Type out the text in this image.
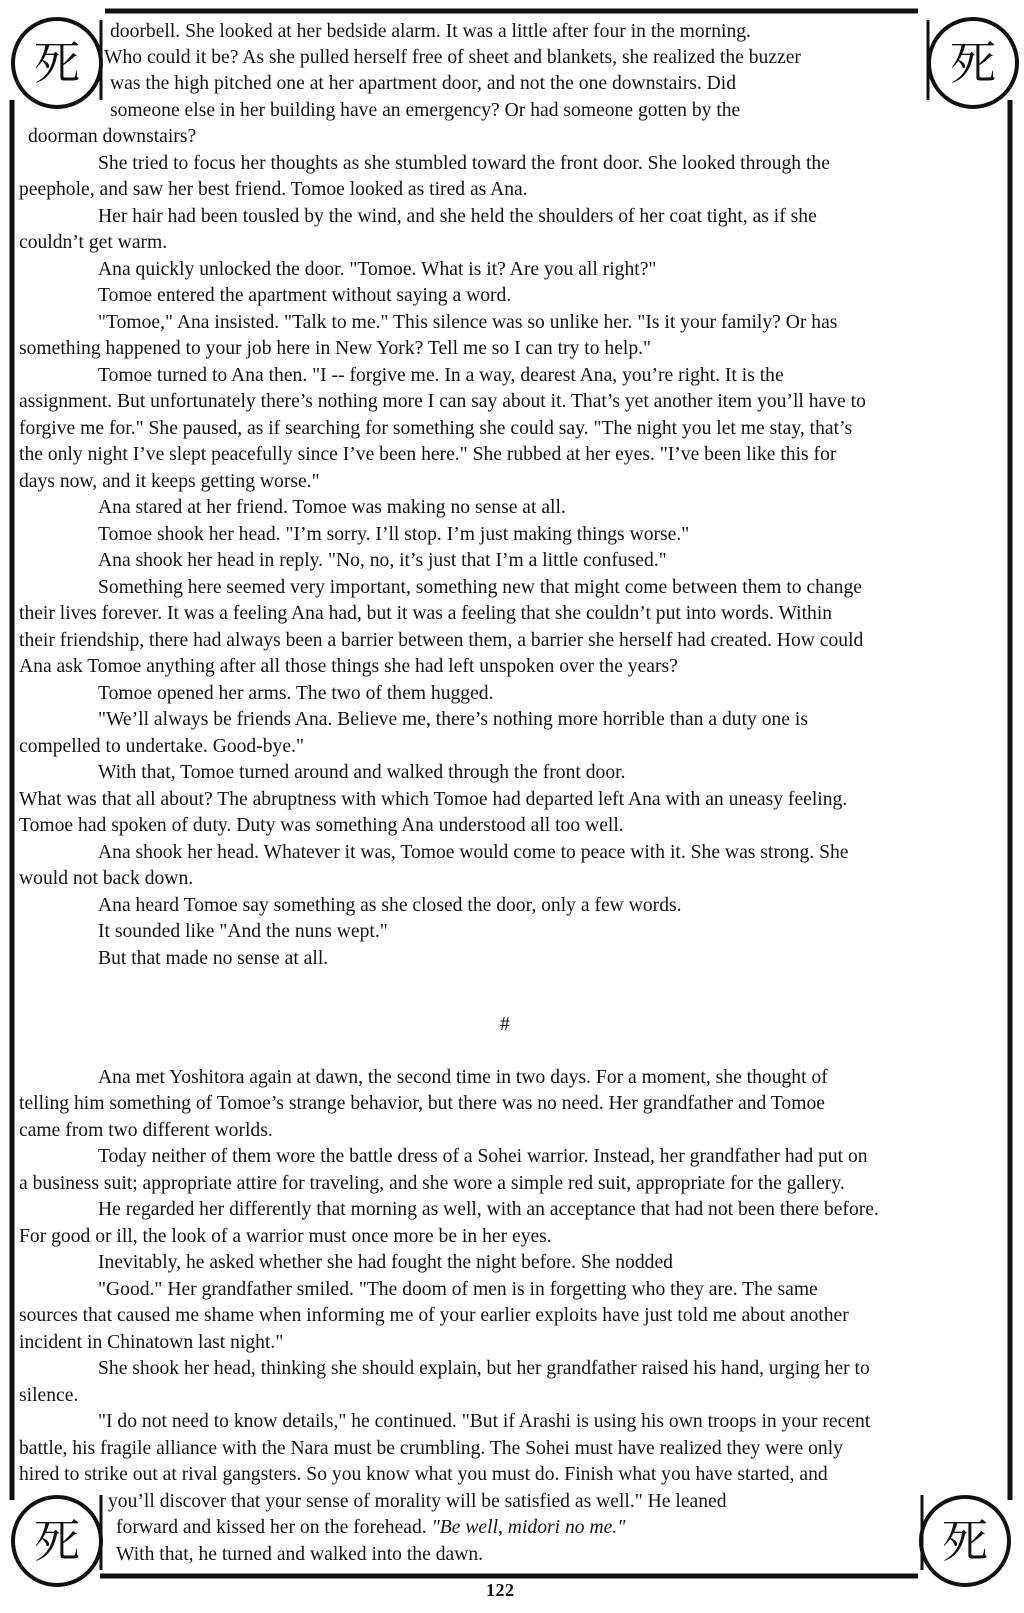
死	死
死	死

doorbell. She looked at her bedside alarm. It was a little after four in the morning.

Who could it be? As she pulled herself free of sheet and blankets, she realized the buzzer

was the high pitched one at her apartment door, and not the one downstairs. Did

someone else in her building have an emergency? Or had someone gotten by the

doorman downstairs?

She tried to focus her thoughts as she stumbled toward the front door. She looked through the

peephole, and saw her best friend. Tomoe looked as tired as Ana.

Her hair had been tousled by the wind, and she held the shoulders of her coat tight, as if she

couldn’t get warm.

Ana quickly unlocked the door. "Tomoe. What is it? Are you all right?"

Tomoe entered the apartment without saying a word.

"Tomoe," Ana insisted. "Talk to me." This silence was so unlike her. "Is it your family? Or has

something happened to your job here in New York? Tell me so I can try to help."

Tomoe turned to Ana then. "I -- forgive me. In a way, dearest Ana, you’re right. It is the

assignment. But unfortunately there’s nothing more I can say about it. That’s yet another item you’ll have to

forgive me for." She paused, as if searching for something she could say. "The night you let me stay, that’s

the only night I’ve slept peacefully since I’ve been here." She rubbed at her eyes. "I’ve been like this for

days now, and it keeps getting worse."

Ana stared at her friend. Tomoe was making no sense at all.

Tomoe shook her head. "I’m sorry. I’ll stop. I’m just making things worse."

Ana shook her head in reply. "No, no, it’s just that I’m a little confused."

Something here seemed very important, something new that might come between them to change

their lives forever. It was a feeling Ana had, but it was a feeling that she couldn’t put into words. Within

their friendship, there had always been a barrier between them, a barrier she herself had created. How could

Ana ask Tomoe anything after all those things she had left unspoken over the years?

Tomoe opened her arms. The two of them hugged.

"We’ll always be friends Ana. Believe me, there’s nothing more horrible than a duty one is

compelled to undertake. Good-bye."

With that, Tomoe turned around and walked through the front door.

What was that all about? The abruptness with which Tomoe had departed left Ana with an uneasy feeling.

Tomoe had spoken of duty. Duty was something Ana understood all too well.

Ana shook her head. Whatever it was, Tomoe would come to peace with it. She was strong. She

would not back down.

Ana heard Tomoe say something as she closed the door, only a few words.

It sounded like "And the nuns wept."

But that made no sense at all.

#

Ana met Yoshitora again at dawn, the second time in two days. For a moment, she thought of

telling him something of Tomoe’s strange behavior, but there was no need. Her grandfather and Tomoe

came from two different worlds.

Today neither of them wore the battle dress of a Sohei warrior. Instead, her grandfather had put on

a business suit; appropriate attire for traveling, and she wore a simple red suit, appropriate for the gallery.

He regarded her differently that morning as well, with an acceptance that had not been there before.

For good or ill, the look of a warrior must once more be in her eyes.

Inevitably, he asked whether she had fought the night before. She nodded

"Good." Her grandfather smiled. "The doom of men is in forgetting who they are. The same

sources that caused me shame when informing me of your earlier exploits have just told me about another

incident in Chinatown last night."

She shook her head, thinking she should explain, but her grandfather raised his hand, urging her to

silence.

"I do not need to know details," he continued. "But if Arashi is using his own troops in your recent

battle, his fragile alliance with the Nara must be crumbling. The Sohei must have realized they were only

hired to strike out at rival gangsters. So you know what you must do. Finish what you have started, and

you’ll discover that your sense of morality will be satisfied as well." He leaned

forward and kissed her on the forehead. "Be well, midori no me."

With that, he turned and walked into the dawn.

122
